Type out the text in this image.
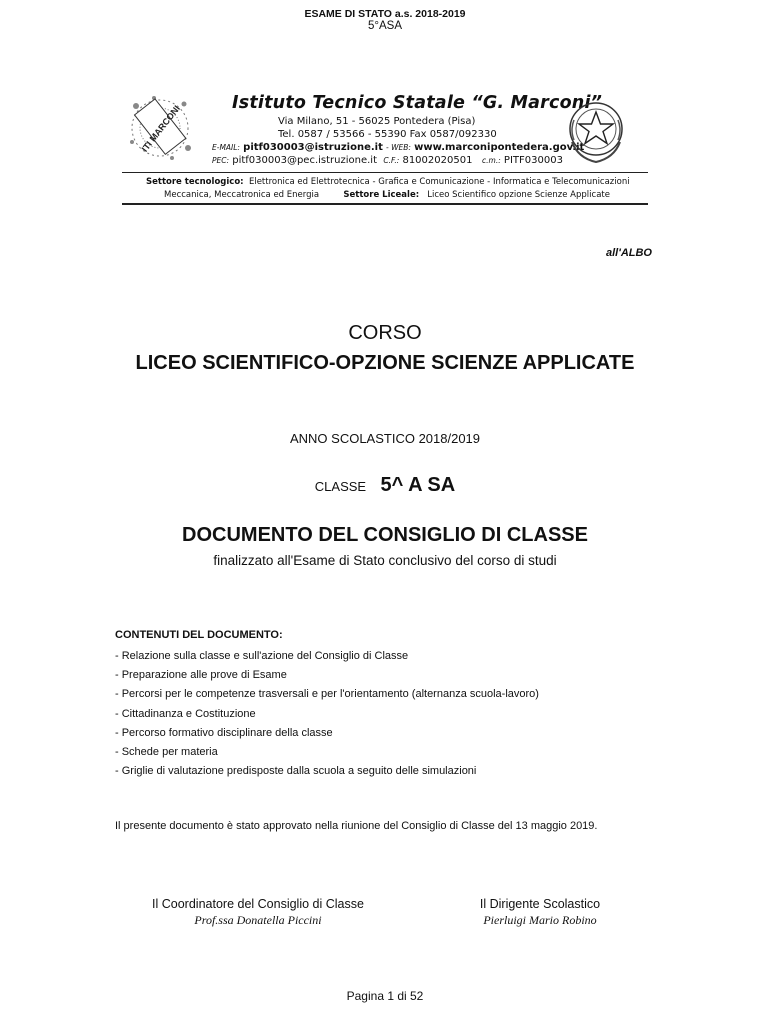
ESAME DI STATO a.s. 2018-2019
5°ASA
ITI MARCONI
Istituto Tecnico Statale “G. Marconi”
Via Milano, 51 - 56025 Pontedera (Pisa)
Tel. 0587 / 53566 - 55390 Fax 0587/092330
E-MAIL: pitf030003@istruzione.it - WEB: www.marconipontedera.gov.it
PEC: pitf030003@pec.istruzione.it C.F.: 81002020501 c.m.: PITF030003
Settore tecnologico: Elettronica ed Elettrotecnica - Grafica e Comunicazione - Informatica e Telecomunicazioni
Meccanica, Meccatronica ed Energia	Settore Liceale: Liceo Scientifico opzione Scienze Applicate
all'ALBO
CORSO
LICEO SCIENTIFICO-OPZIONE SCIENZE APPLICATE
ANNO SCOLASTICO 2018/2019
CLASSE 5^ A SA
DOCUMENTO DEL CONSIGLIO DI CLASSE
finalizzato all'Esame di Stato conclusivo del corso di studi
CONTENUTI DEL DOCUMENTO:
- Relazione sulla classe e sull'azione del Consiglio di Classe
- Preparazione alle prove di Esame
- Percorsi per le competenze trasversali e per l'orientamento (alternanza scuola-lavoro)
- Cittadinanza e Costituzione
- Percorso formativo disciplinare della classe
- Schede per materia
- Griglie di valutazione predisposte dalla scuola a seguito delle simulazioni
Il presente documento è stato approvato nella riunione del Consiglio di Classe del 13 maggio 2019.
Il Coordinatore del Consiglio di Classe
Prof.ssa Donatella Piccini
Il Dirigente Scolastico
Pierluigi Mario Robino
Pagina 1 di 52
